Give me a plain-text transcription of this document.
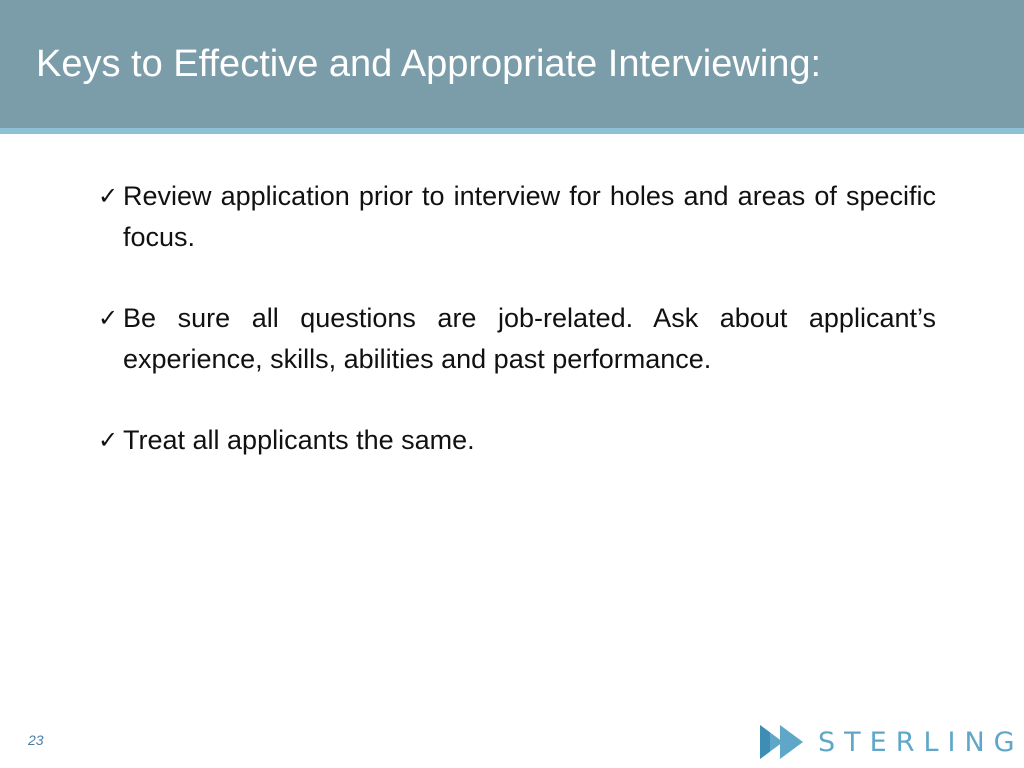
Keys to Effective and Appropriate Interviewing:
✓ Review application prior to interview for holes and areas of specific focus.
✓ Be sure all questions are job-related. Ask about applicant’s experience, skills, abilities and past performance.
✓ Treat all applicants the same.
23	STERLING
